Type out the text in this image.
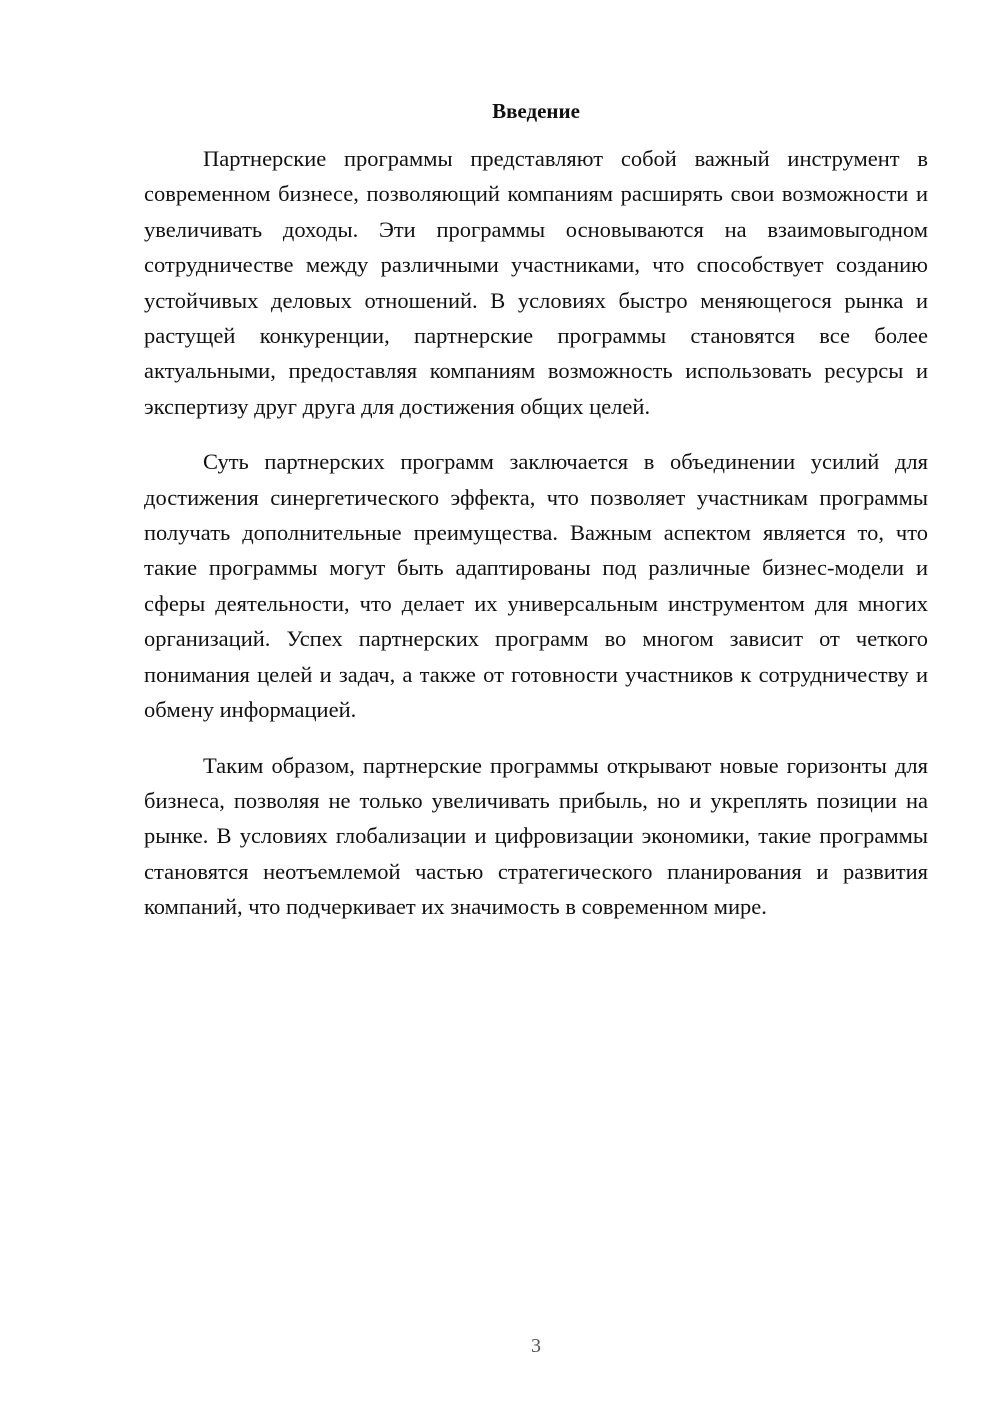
Введение

Партнерские программы представляют собой важный инструмент в современном бизнесе, позволяющий компаниям расширять свои возможности и увеличивать доходы. Эти программы основываются на взаимовыгодном сотрудничестве между различными участниками, что способствует созданию устойчивых деловых отношений. В условиях быстро меняющегося рынка и растущей конкуренции, партнерские программы становятся все более актуальными, предоставляя компаниям возможность использовать ресурсы и экспертизу друг друга для достижения общих целей.

Суть партнерских программ заключается в объединении усилий для достижения синергетического эффекта, что позволяет участникам программы получать дополнительные преимущества. Важным аспектом является то, что такие программы могут быть адаптированы под различные бизнес-модели и сферы деятельности, что делает их универсальным инструментом для многих организаций. Успех партнерских программ во многом зависит от четкого понимания целей и задач, а также от готовности участников к сотрудничеству и обмену информацией.

Таким образом, партнерские программы открывают новые горизонты для бизнеса, позволяя не только увеличивать прибыль, но и укреплять позиции на рынке. В условиях глобализации и цифровизации экономики, такие программы становятся неотъемлемой частью стратегического планирования и развития компаний, что подчеркивает их значимость в современном мире.

3
